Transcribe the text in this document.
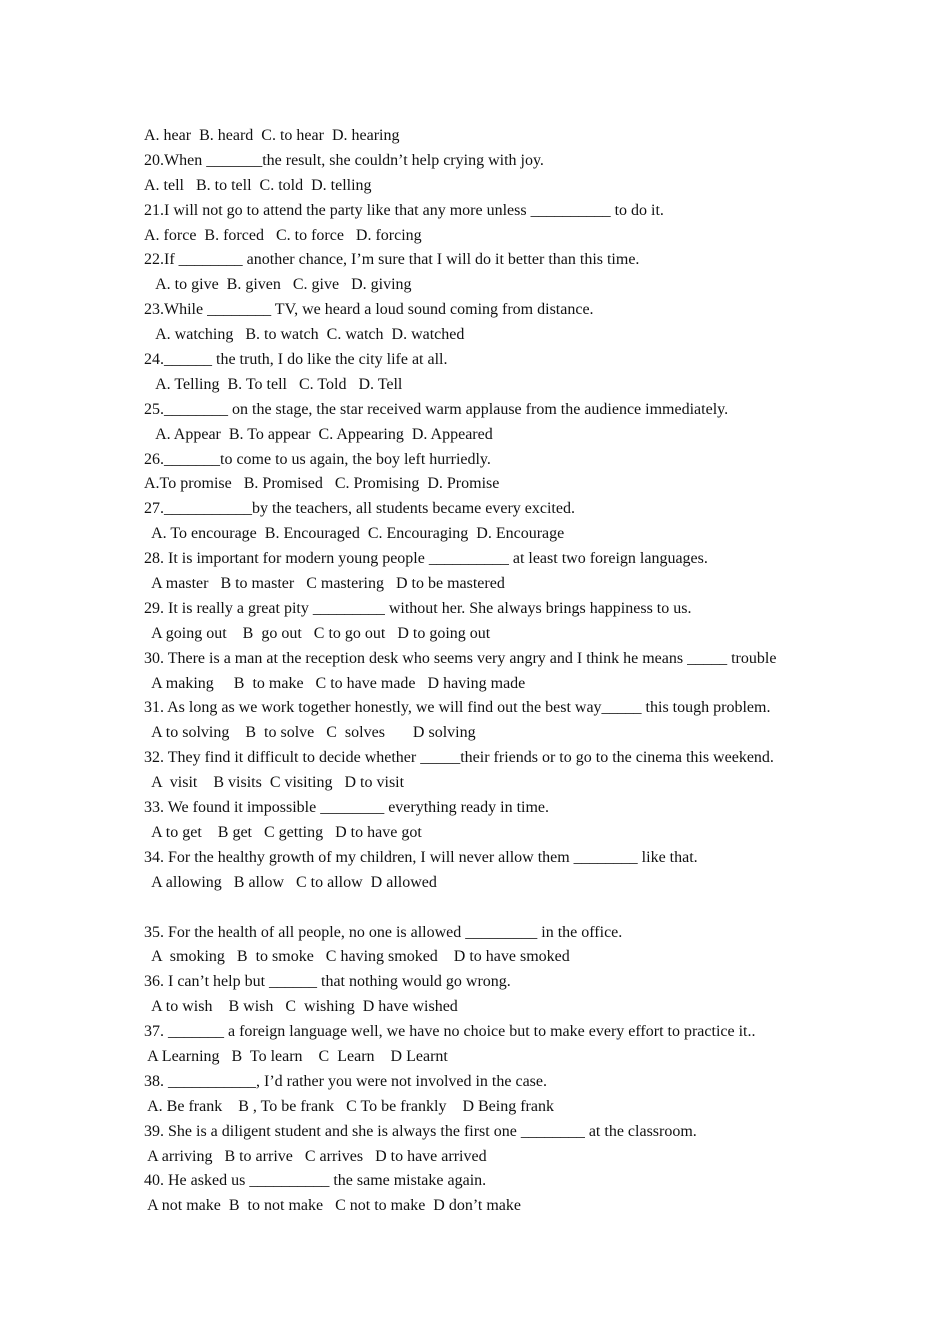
A. hear  B. heard  C. to hear  D. hearing
20.When _______the result, she couldn’t help crying with joy.
A. tell   B. to tell  C. told  D. telling
21.I will not go to attend the party like that any more unless __________ to do it.
A. force  B. forced   C. to force   D. forcing
22.If ________ another chance, I’m sure that I will do it better than this time.
A. to give  B. given   C. give   D. giving
23.While ________ TV, we heard a loud sound coming from distance.
A. watching   B. to watch  C. watch  D. watched
24.______ the truth, I do like the city life at all.
A. Telling  B. To tell   C. Told   D. Tell
25.________ on the stage, the star received warm applause from the audience immediately.
A. Appear  B. To appear  C. Appearing  D. Appeared
26._______to come to us again, the boy left hurriedly.
A.To promise   B. Promised   C. Promising  D. Promise
27.___________by the teachers, all students became every excited.
A. To encourage  B. Encouraged  C. Encouraging  D. Encourage
28. It is important for modern young people __________ at least two foreign languages.
A master   B to master   C mastering   D to be mastered
29. It is really a great pity _________ without her. She always brings happiness to us.
A going out    B  go out   C to go out   D to going out
30. There is a man at the reception desk who seems very angry and I think he means _____ trouble
A making     B  to make   C to have made   D having made
31. As long as we work together honestly, we will find out the best way_____ this tough problem.
A to solving    B  to solve   C  solves       D solving
32. They find it difficult to decide whether _____their friends or to go to the cinema this weekend.
A  visit    B visits  C visiting   D to visit
33. We found it impossible ________ everything ready in time.
A to get    B get   C getting   D to have got
34. For the healthy growth of my children, I will never allow them ________ like that.
A allowing   B allow   C to allow  D allowed
35. For the health of all people, no one is allowed _________ in the office.
A  smoking   B  to smoke   C having smoked    D to have smoked
36. I can’t help but ______ that nothing would go wrong.
A to wish    B wish   C  wishing  D have wished
37. _______ a foreign language well, we have no choice but to make every effort to practice it..
A Learning   B  To learn    C  Learn    D Learnt
38. ___________, I’d rather you were not involved in the case.
A. Be frank    B , To be frank   C To be frankly    D Being frank
39. She is a diligent student and she is always the first one ________ at the classroom.
A arriving   B to arrive   C arrives   D to have arrived
40. He asked us __________ the same mistake again.
A not make  B  to not make   C not to make  D don’t make
